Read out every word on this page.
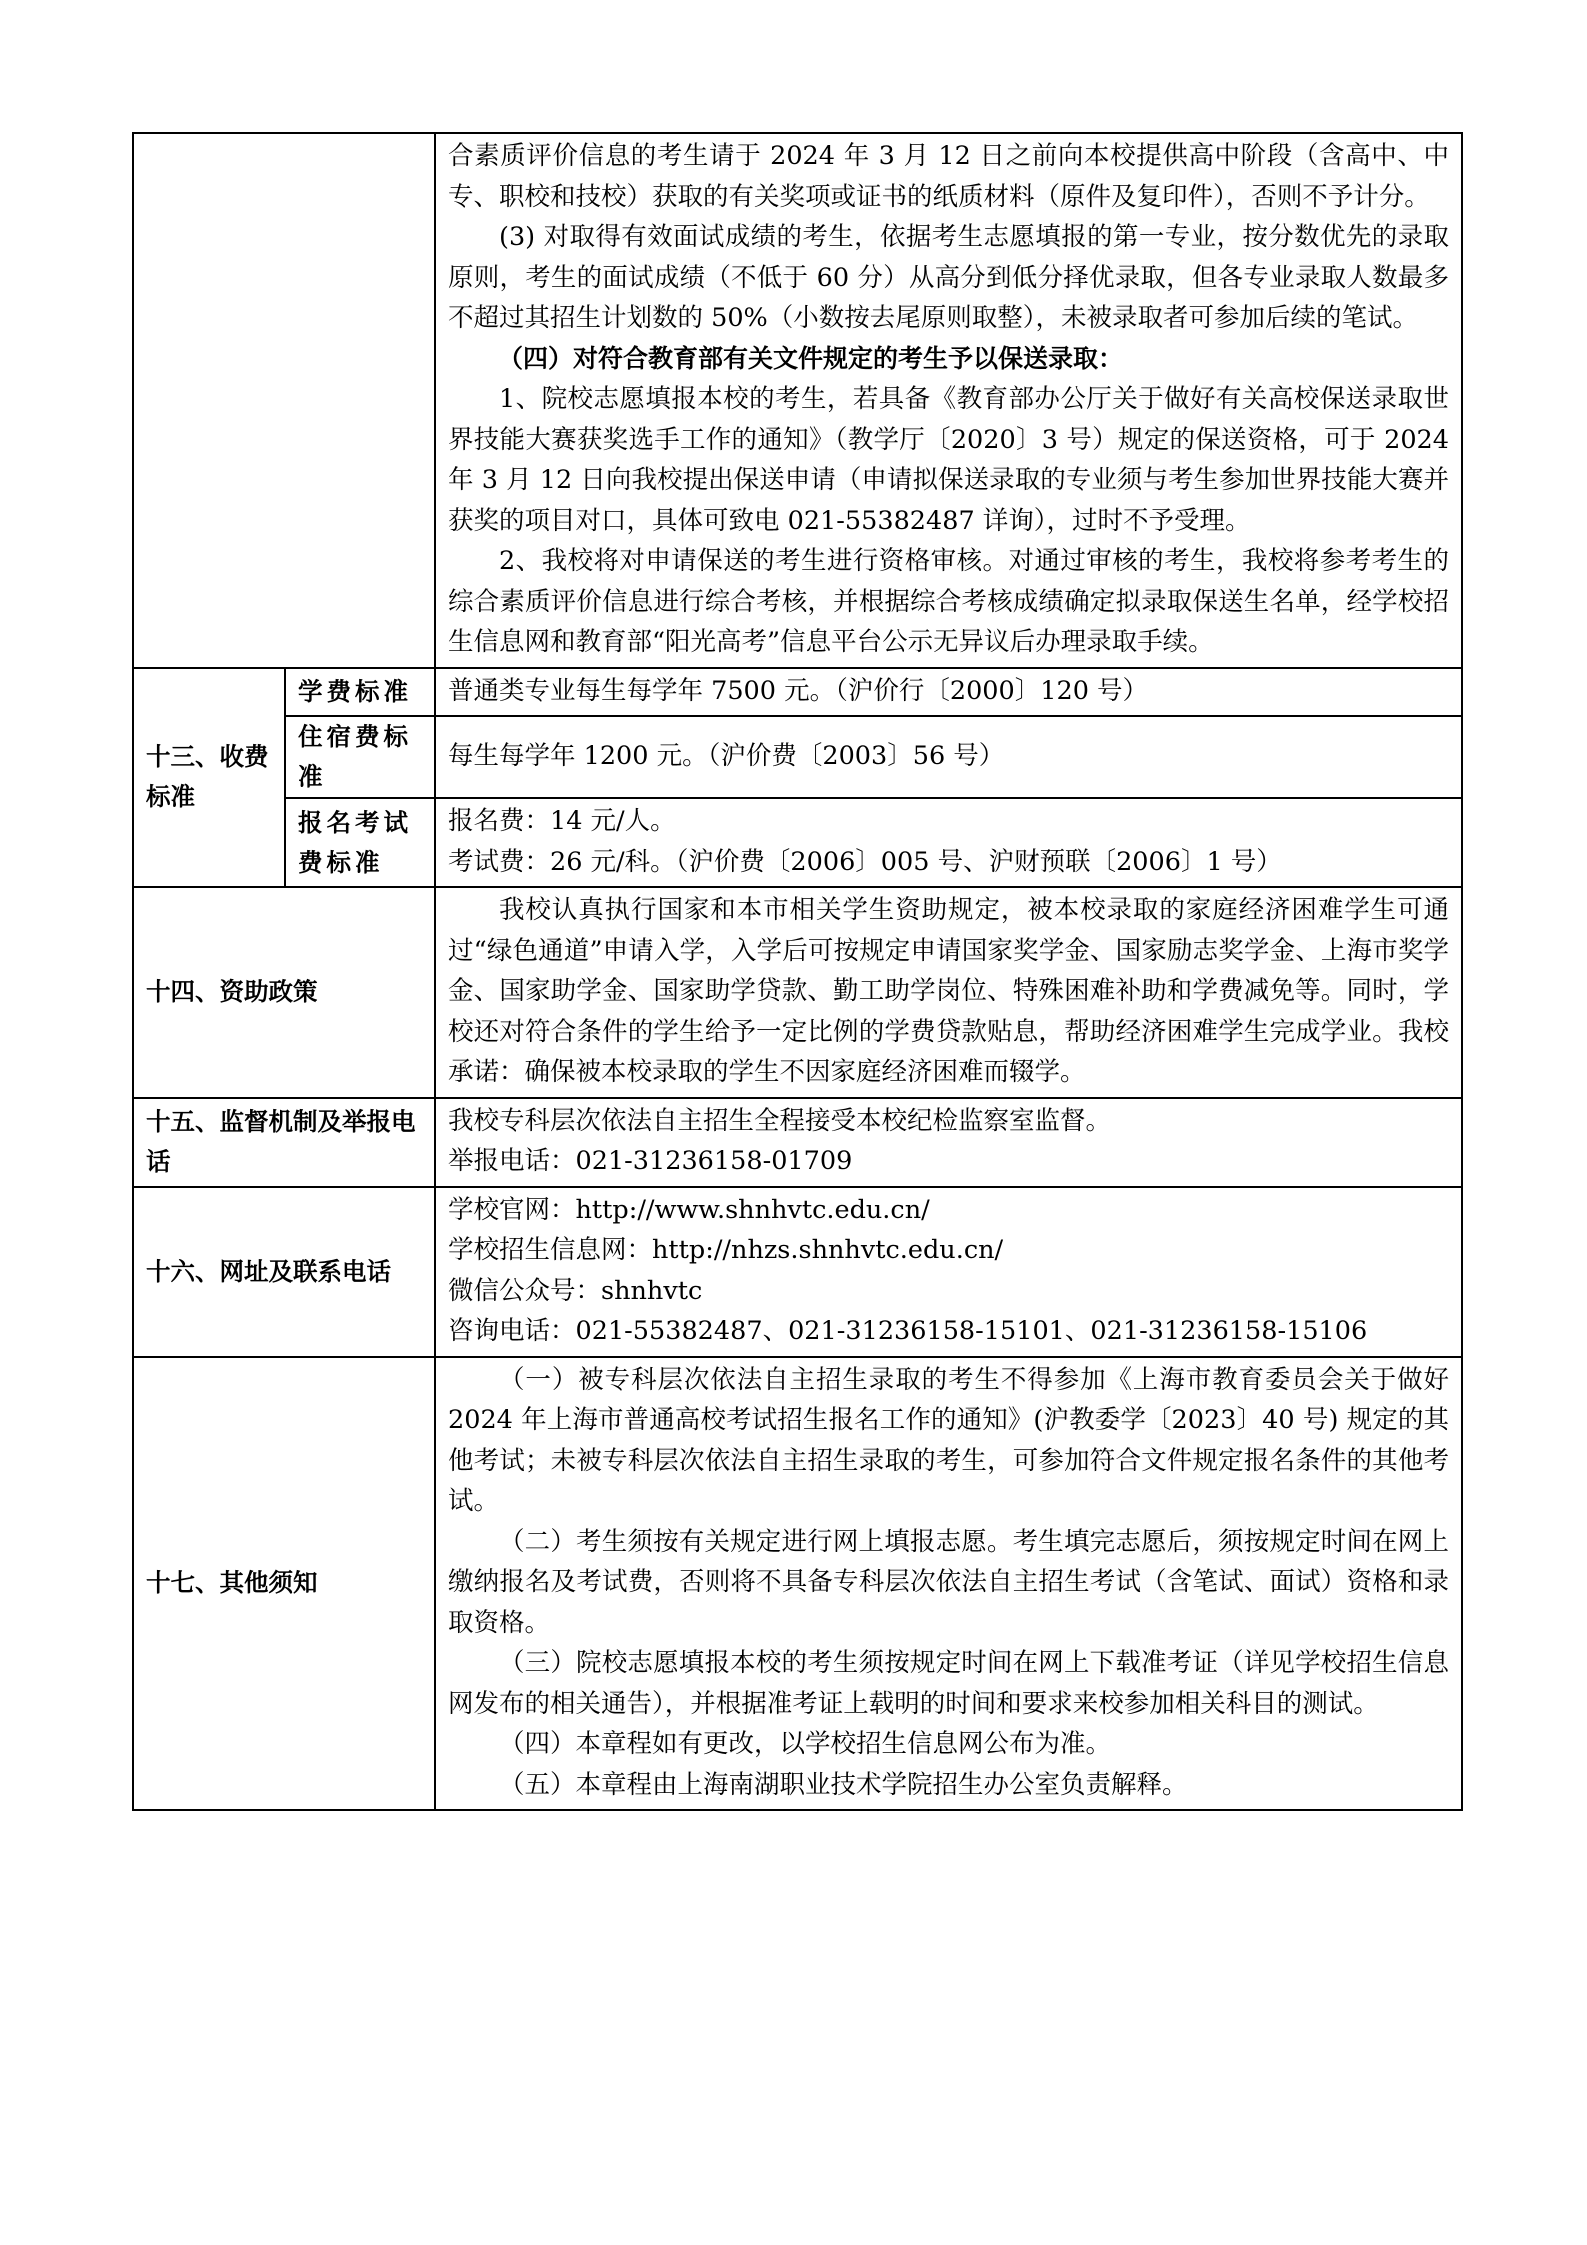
		合素质评价信息的考生请于 2024 年 3 月 12 日之前向本校提供高中阶段（含高中、中专、职校和技校）获取的有关奖项或证书的纸质材料（原件及复印件），否则不予计分。

(3) 对取得有效面试成绩的考生，依据考生志愿填报的第一专业，按分数优先的录取原则，考生的面试成绩（不低于 60 分）从高分到低分择优录取，但各专业录取人数最多不超过其招生计划数的 50%（小数按去尾原则取整），未被录取者可参加后续的笔试。

（四）对符合教育部有关文件规定的考生予以保送录取：

1、院校志愿填报本校的考生，若具备《教育部办公厅关于做好有关高校保送录取世界技能大赛获奖选手工作的通知》（教学厅〔2020〕3 号）规定的保送资格，可于 2024 年 3 月 12 日向我校提出保送申请（申请拟保送录取的专业须与考生参加世界技能大赛并获奖的项目对口，具体可致电 021-55382487 详询），过时不予受理。

2、我校将对申请保送的考生进行资格审核。对通过审核的考生，我校将参考考生的综合素质评价信息进行综合考核，并根据综合考核成绩确定拟录取保送生名单，经学校招生信息网和教育部“阳光高考”信息平台公示无异议后办理录取手续。

十三、收费标准	学费标准	普通类专业每生每学年 7500 元。（沪价行〔2000〕120 号）

	住宿费标准	每生每学年 1200 元。（沪价费〔2003〕56 号）

	报名考试费标准	报名费：14 元/人。

考试费：26 元/科。（沪价费〔2006〕005 号、沪财预联〔2006〕1 号）

十四、资助政策		我校认真执行国家和本市相关学生资助规定，被本校录取的家庭经济困难学生可通过“绿色通道”申请入学，入学后可按规定申请国家奖学金、国家励志奖学金、上海市奖学金、国家助学金、国家助学贷款、勤工助学岗位、特殊困难补助和学费减免等。同时，学校还对符合条件的学生给予一定比例的学费贷款贴息，帮助经济困难学生完成学业。我校承诺：确保被本校录取的学生不因家庭经济困难而辍学。

十五、监督机制及举报电话		我校专科层次依法自主招生全程接受本校纪检监察室监督。

举报电话：021-31236158-01709

十六、网址及联系电话		学校官网：http://www.shnhvtc.edu.cn/

学校招生信息网：http://nhzs.shnhvtc.edu.cn/

微信公众号：shnhvtc

咨询电话：021-55382487、021-31236158-15101、021-31236158-15106

十七、其他须知		（一）被专科层次依法自主招生录取的考生不得参加《上海市教育委员会关于做好 2024 年上海市普通高校考试招生报名工作的通知》(沪教委学〔2023〕40 号) 规定的其他考试；未被专科层次依法自主招生录取的考生，可参加符合文件规定报名条件的其他考试。

（二）考生须按有关规定进行网上填报志愿。考生填完志愿后，须按规定时间在网上缴纳报名及考试费，否则将不具备专科层次依法自主招生考试（含笔试、面试）资格和录取资格。

（三）院校志愿填报本校的考生须按规定时间在网上下载准考证（详见学校招生信息网发布的相关通告），并根据准考证上载明的时间和要求来校参加相关科目的测试。

（四）本章程如有更改，以学校招生信息网公布为准。

（五）本章程由上海南湖职业技术学院招生办公室负责解释。
